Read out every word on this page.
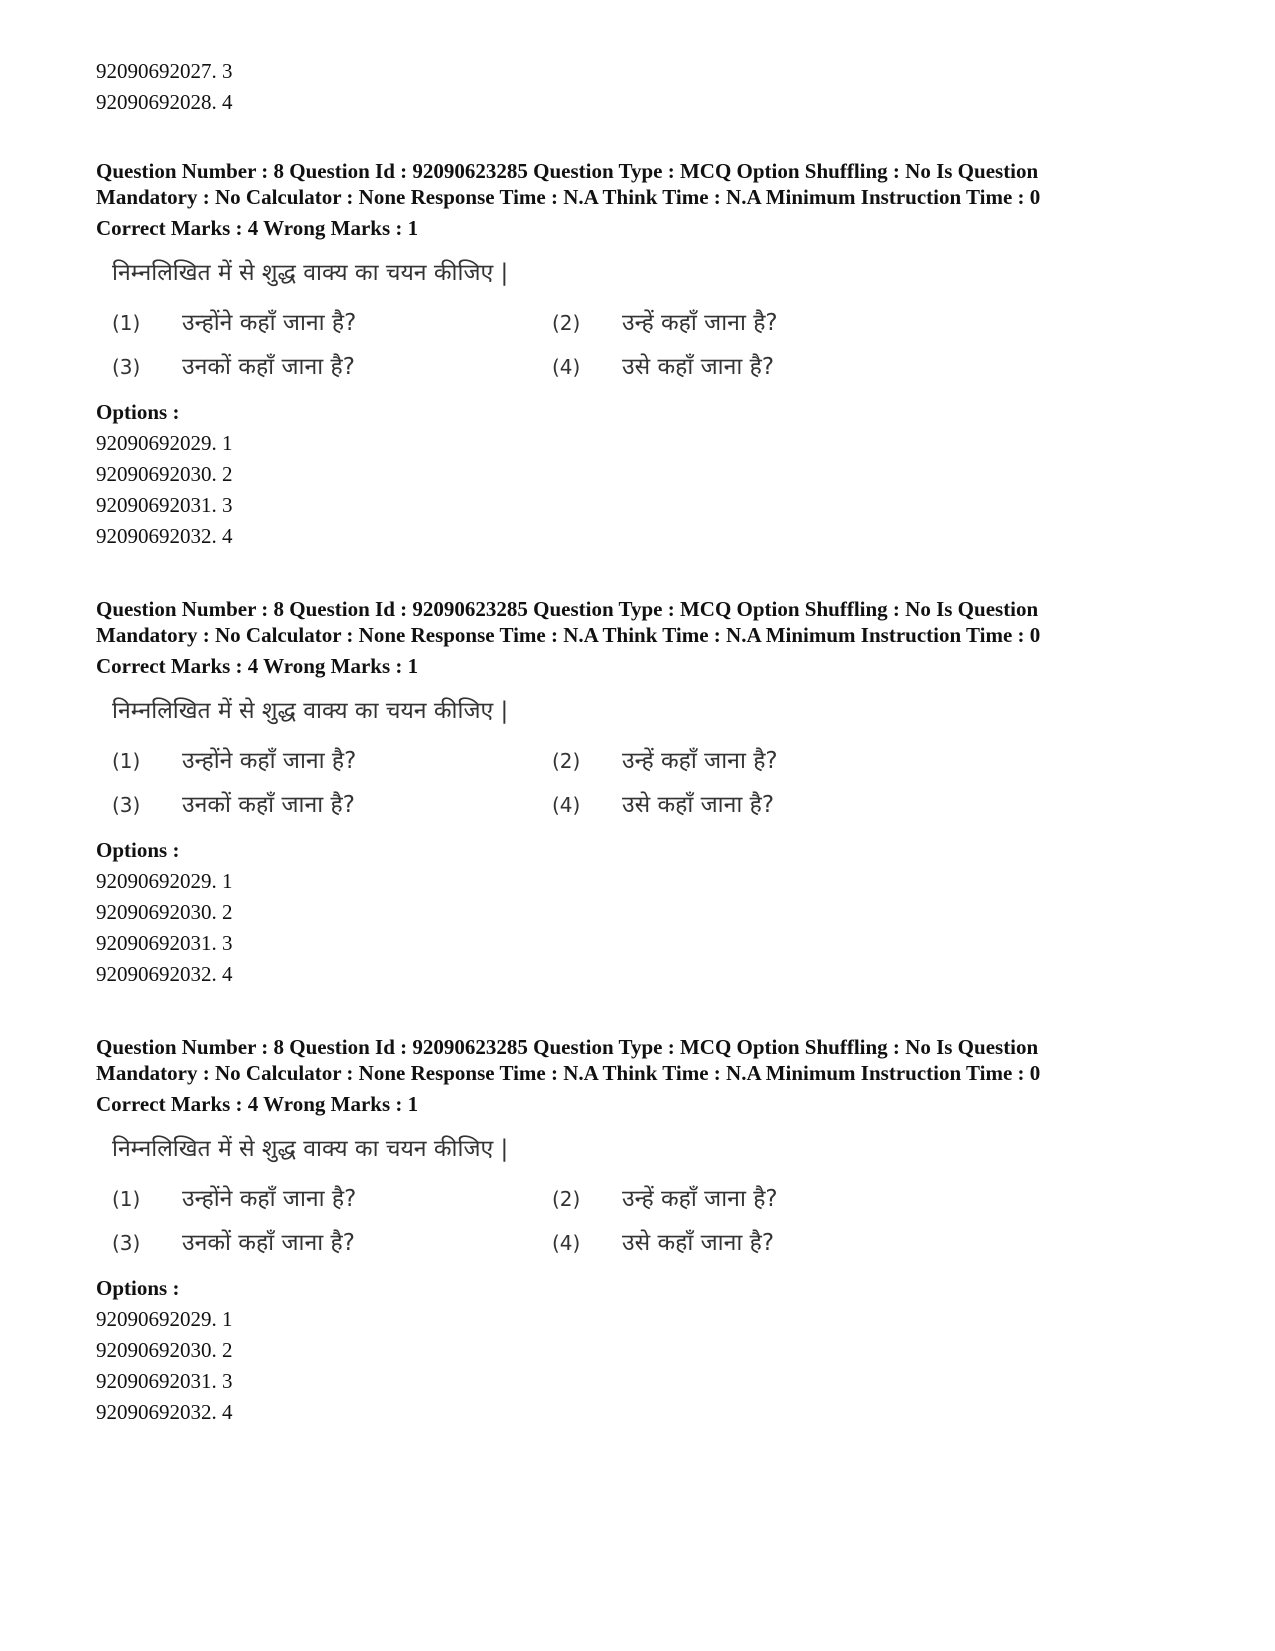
92090692027. 3
92090692028. 4
Question Number : 8 Question Id : 92090623285 Question Type : MCQ Option Shuffling : No Is Question
Mandatory : No Calculator : None Response Time : N.A Think Time : N.A Minimum Instruction Time : 0
Correct Marks : 4 Wrong Marks : 1
निम्नलिखित में से शुद्ध वाक्य का चयन कीजिए |
(1)	उन्होंने कहाँ जाना है?	(2)	उन्हें कहाँ जाना है?
(3)	उनकों कहाँ जाना है?	(4)	उसे कहाँ जाना है?
Options :
92090692029. 1
92090692030. 2
92090692031. 3
92090692032. 4
Question Number : 8 Question Id : 92090623285 Question Type : MCQ Option Shuffling : No Is Question
Mandatory : No Calculator : None Response Time : N.A Think Time : N.A Minimum Instruction Time : 0
Correct Marks : 4 Wrong Marks : 1
निम्नलिखित में से शुद्ध वाक्य का चयन कीजिए |
(1)	उन्होंने कहाँ जाना है?	(2)	उन्हें कहाँ जाना है?
(3)	उनकों कहाँ जाना है?	(4)	उसे कहाँ जाना है?
Options :
92090692029. 1
92090692030. 2
92090692031. 3
92090692032. 4
Question Number : 8 Question Id : 92090623285 Question Type : MCQ Option Shuffling : No Is Question
Mandatory : No Calculator : None Response Time : N.A Think Time : N.A Minimum Instruction Time : 0
Correct Marks : 4 Wrong Marks : 1
निम्नलिखित में से शुद्ध वाक्य का चयन कीजिए |
(1)	उन्होंने कहाँ जाना है?	(2)	उन्हें कहाँ जाना है?
(3)	उनकों कहाँ जाना है?	(4)	उसे कहाँ जाना है?
Options :
92090692029. 1
92090692030. 2
92090692031. 3
92090692032. 4
